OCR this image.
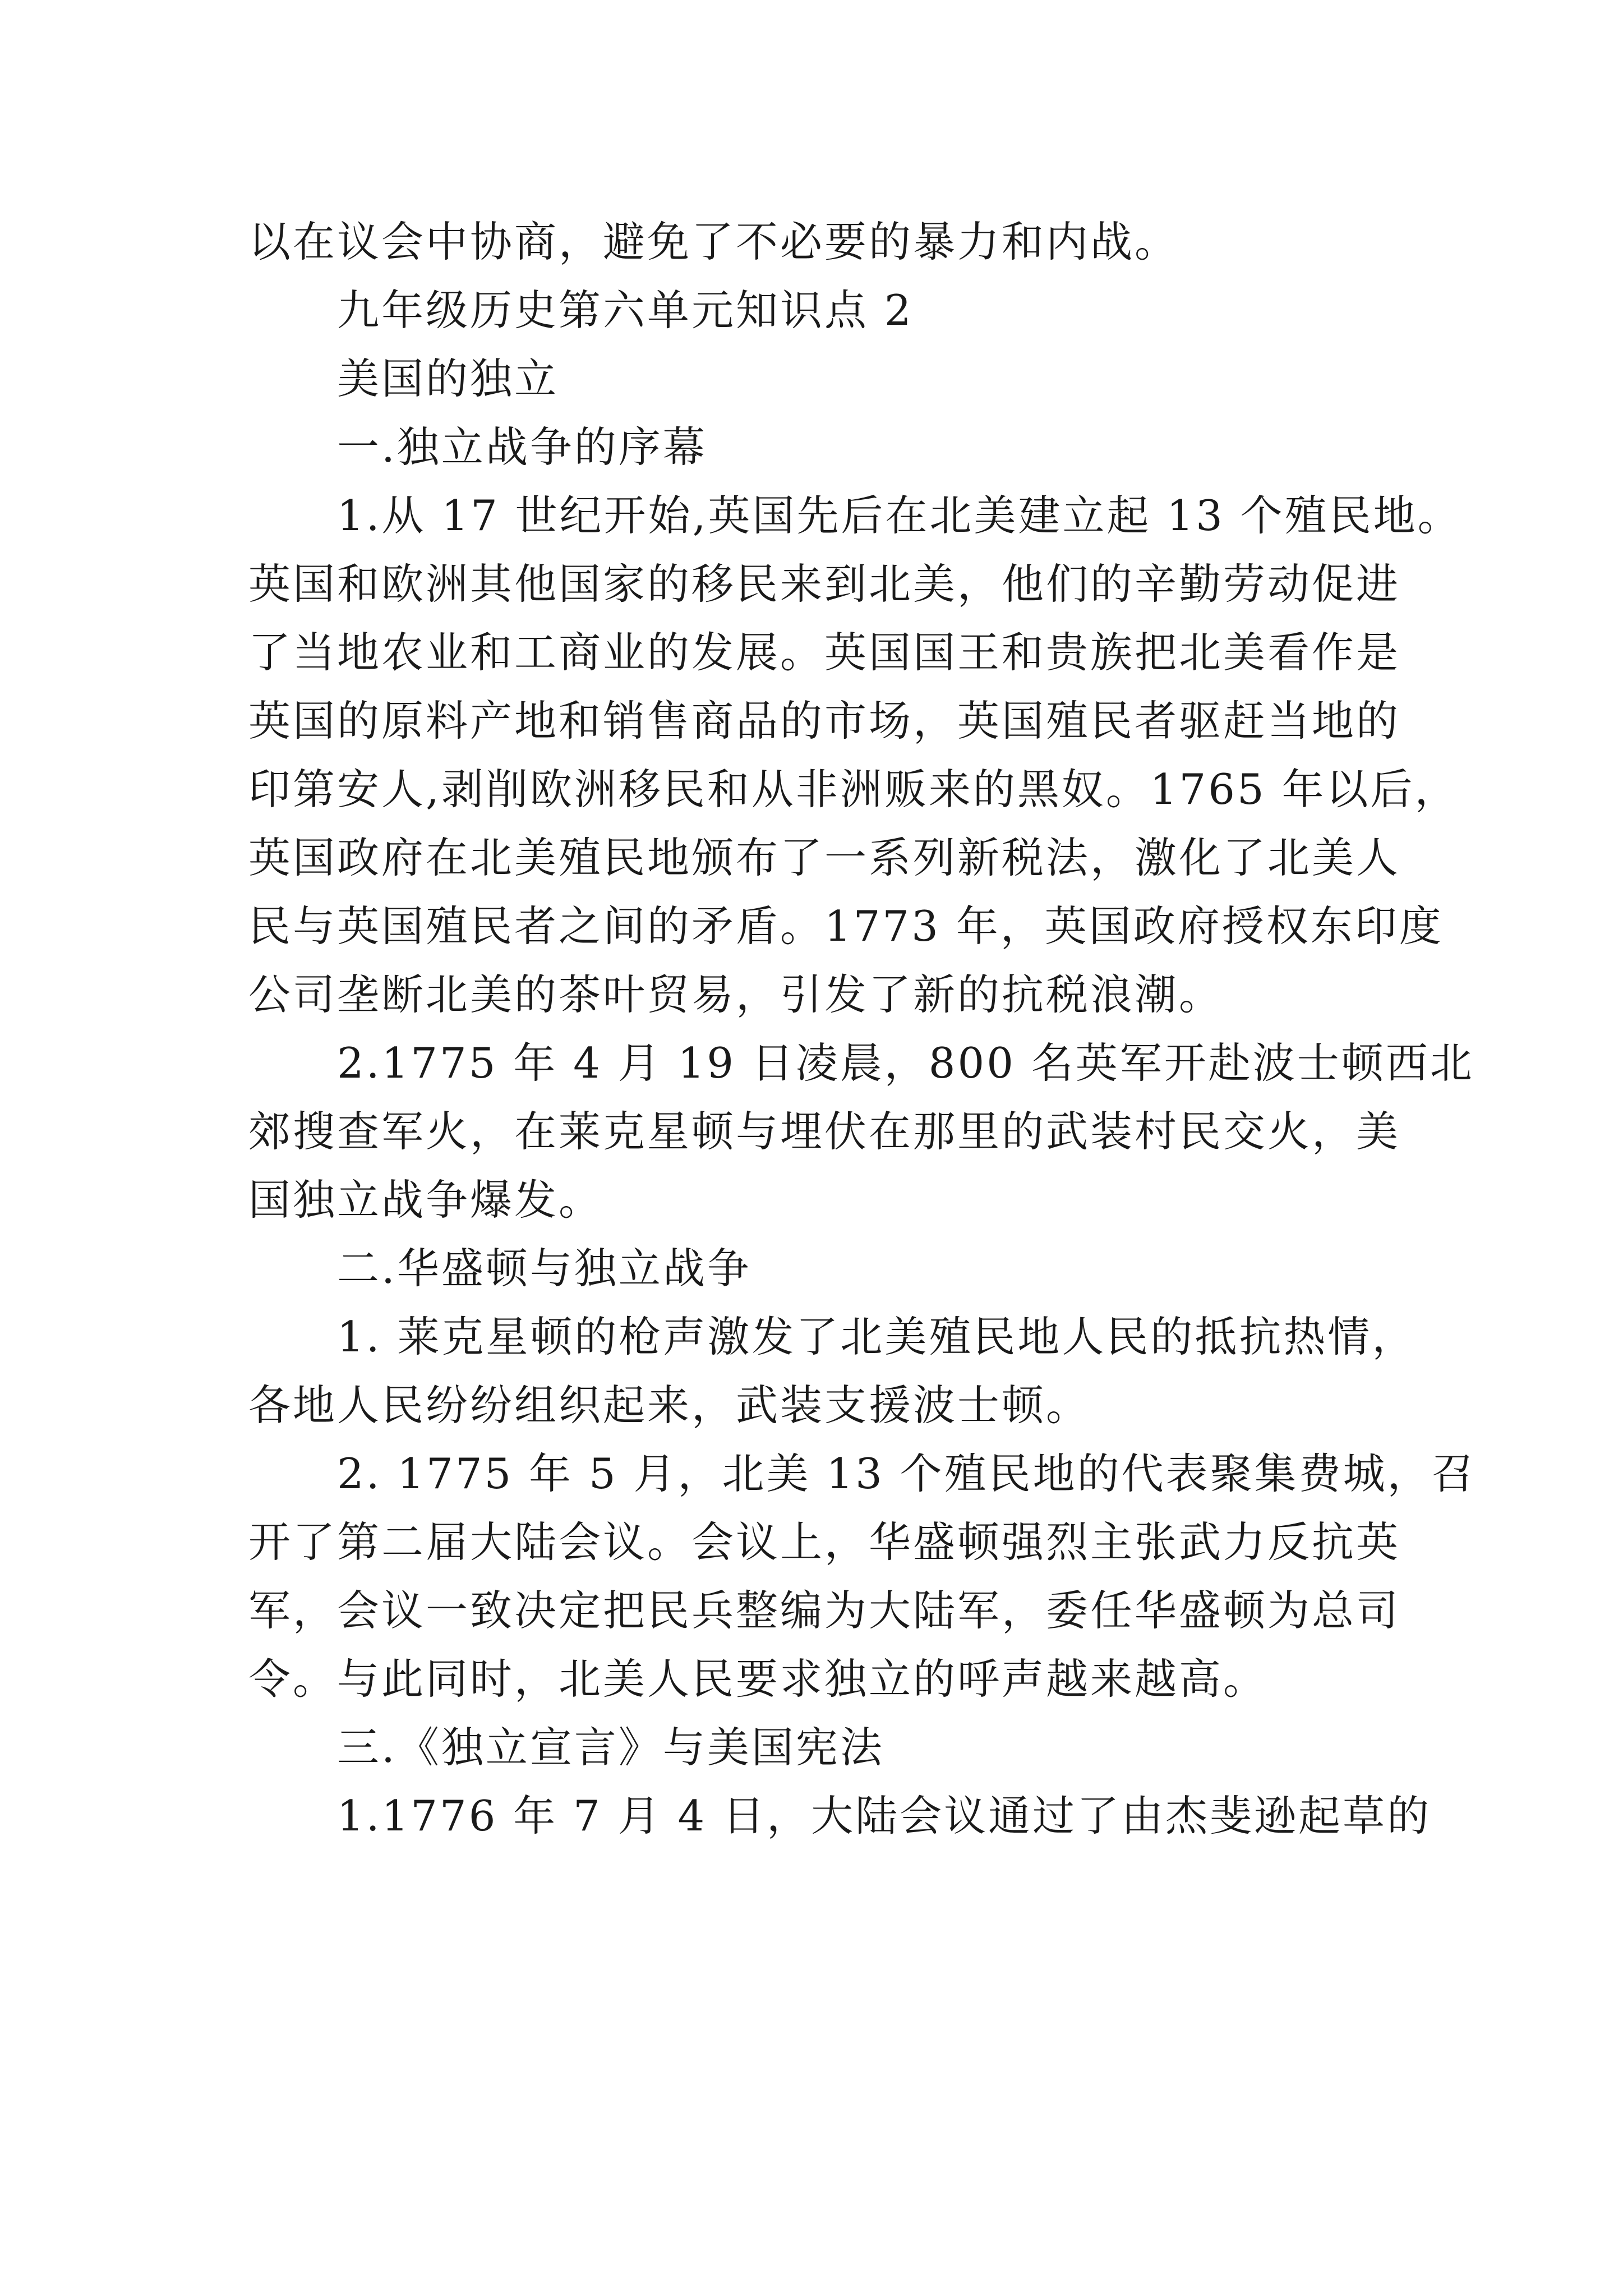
以在议会中协商，避免了不必要的暴力和内战。
九年级历史第六单元知识点 2
美国的独立
一.独立战争的序幕
1.从 17 世纪开始,英国先后在北美建立起 13 个殖民地。
英国和欧洲其他国家的移民来到北美，他们的辛勤劳动促进
了当地农业和工商业的发展。英国国王和贵族把北美看作是
英国的原料产地和销售商品的市场，英国殖民者驱赶当地的
印第安人,剥削欧洲移民和从非洲贩来的黑奴。1765 年以后，
英国政府在北美殖民地颁布了一系列新税法，激化了北美人
民与英国殖民者之间的矛盾。1773 年，英国政府授权东印度
公司垄断北美的茶叶贸易，引发了新的抗税浪潮。
2.1775 年 4 月 19 日凌晨，800 名英军开赴波士顿西北
郊搜查军火，在莱克星顿与埋伏在那里的武装村民交火，美
国独立战争爆发。
二.华盛顿与独立战争
1. 莱克星顿的枪声激发了北美殖民地人民的抵抗热情，
各地人民纷纷组织起来，武装支援波士顿。
2. 1775 年 5 月，北美 13 个殖民地的代表聚集费城，召
开了第二届大陆会议。会议上，华盛顿强烈主张武力反抗英
军，会议一致决定把民兵整编为大陆军，委任华盛顿为总司
令。与此同时，北美人民要求独立的呼声越来越高。
三.《独立宣言》与美国宪法
1.1776 年 7 月 4 日，大陆会议通过了由杰斐逊起草的
